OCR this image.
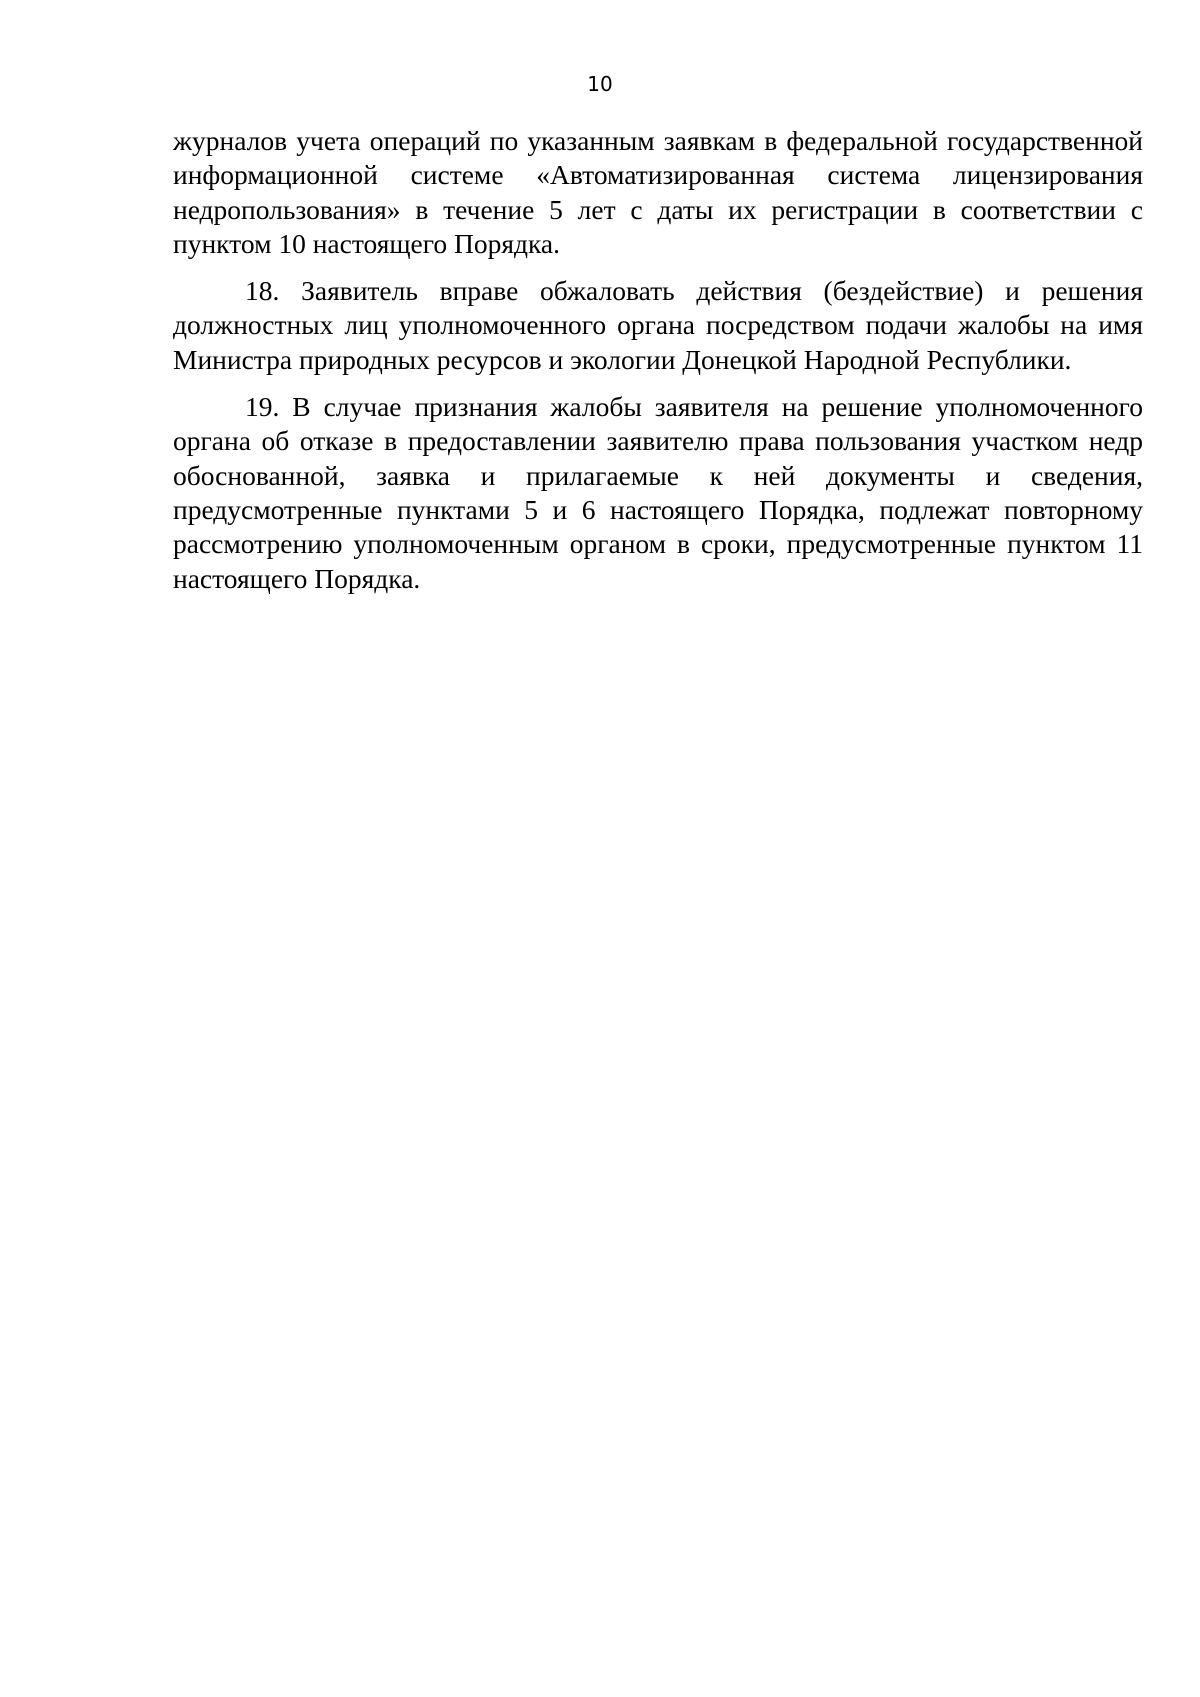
10

журналов учета операций по указанным заявкам в федеральной государственной информационной системе «Автоматизированная система лицензирования недропользования» в течение 5 лет с даты их регистрации в соответствии с пунктом 10 настоящего Порядка.

18. Заявитель вправе обжаловать действия (бездействие) и решения должностных лиц уполномоченного органа посредством подачи жалобы на имя Министра природных ресурсов и экологии Донецкой Народной Республики.

19. В случае признания жалобы заявителя на решение уполномоченного органа об отказе в предоставлении заявителю права пользования участком недр обоснованной, заявка и прилагаемые к ней документы и сведения, предусмотренные пунктами 5 и 6 настоящего Порядка, подлежат повторному рассмотрению уполномоченным органом в сроки, предусмотренные пунктом 11 настоящего Порядка.
